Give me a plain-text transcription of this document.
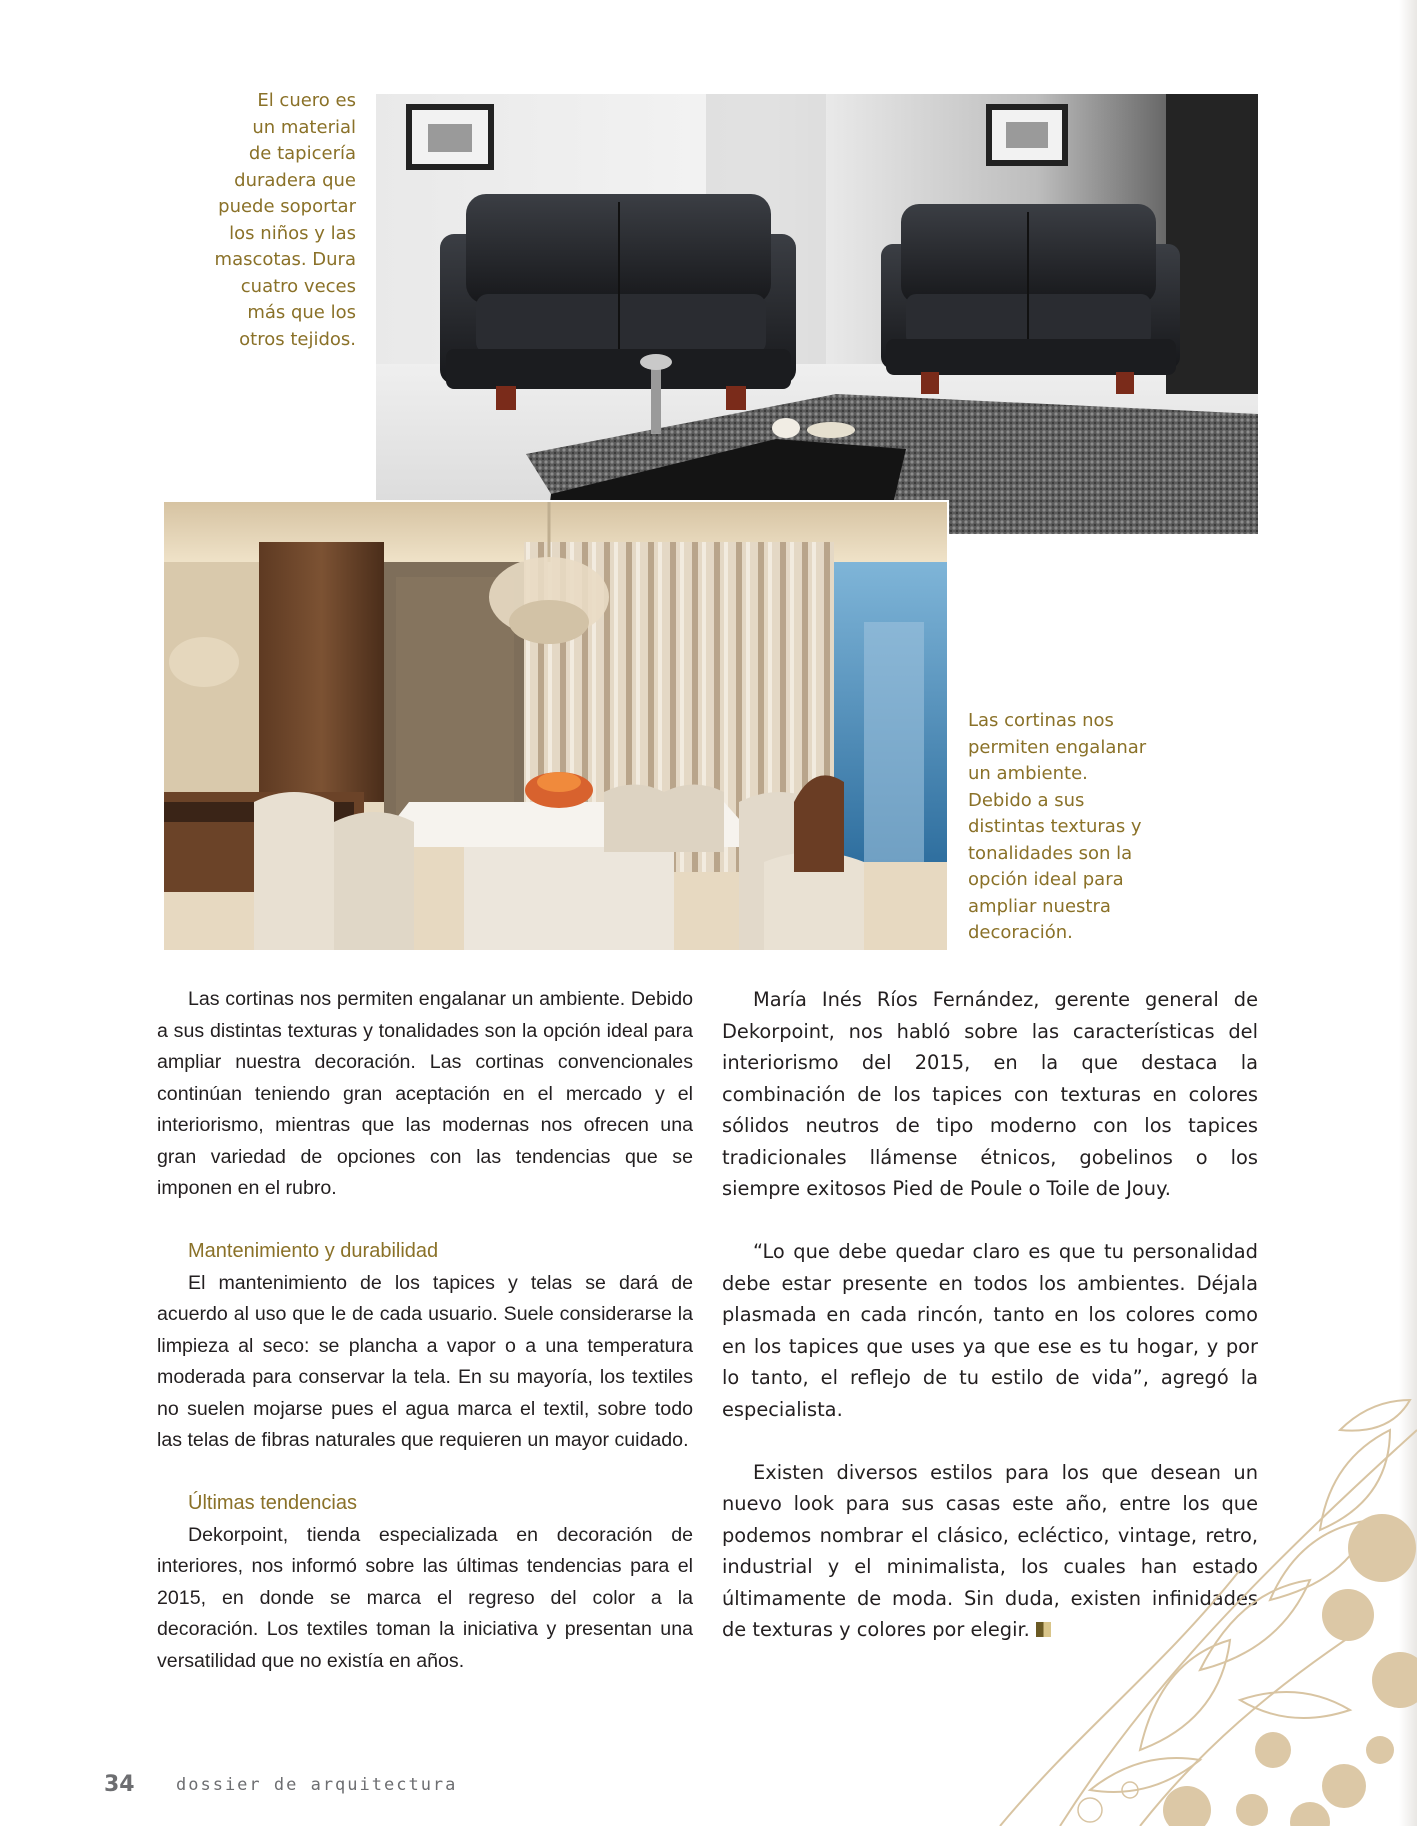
El cuero es
un material
de tapicería
duradera que
puede soportar
los niños y las
mascotas. Dura
cuatro veces
más que los
otros tejidos.
Las cortinas nos
permiten engalanar
un ambiente.
Debido a sus
distintas texturas y
tonalidades son la
opción ideal para
ampliar nuestra
decoración.

Las cortinas nos permiten engalanar un ambiente. Debido a sus distintas texturas y tonalidades son la opción ideal para ampliar nuestra decoración. Las cortinas convencionales continúan teniendo gran aceptación en el mercado y el interiorismo, mientras que las modernas nos ofrecen una gran variedad de opciones con las tendencias que se imponen en el rubro.

Mantenimiento y durabilidad

El mantenimiento de los tapices y telas se dará de acuerdo al uso que le de cada usuario. Suele considerarse la limpieza al seco: se plancha a vapor o a una temperatura moderada para conservar la tela. En su mayoría, los textiles no suelen mojarse pues el agua marca el textil, sobre todo las telas de fibras naturales que requieren un mayor cuidado.

Últimas tendencias

Dekorpoint, tienda especializada en decoración de interiores, nos informó sobre las últimas tendencias para el 2015, en donde se marca el regreso del color a la decoración. Los textiles toman la iniciativa y presentan una versatilidad que no existía en años.

María Inés Ríos Fernández, gerente general de Dekorpoint, nos habló sobre las características del interiorismo del 2015, en la que destaca la combinación de los tapices con texturas en colores sólidos neutros de tipo moderno con los tapices tradicionales llámense étnicos, gobelinos o los siempre exitosos Pied de Poule o Toile de Jouy.

“Lo que debe quedar claro es que tu personalidad debe estar presente en todos los ambientes. Déjala plasmada en cada rincón, tanto en los colores como en los tapices que uses ya que ese es tu hogar, y por lo tanto, el reflejo de tu estilo de vida”, agregó la especialista.

Existen diversos estilos para los que desean un nuevo look para sus casas este año, entre los que podemos nombrar el clásico, ecléctico, vintage, retro, industrial y el minimalista, los cuales han estado últimamente de moda. Sin duda, existen infinidades de texturas y colores por elegir.

34 dossier de arquitectura
